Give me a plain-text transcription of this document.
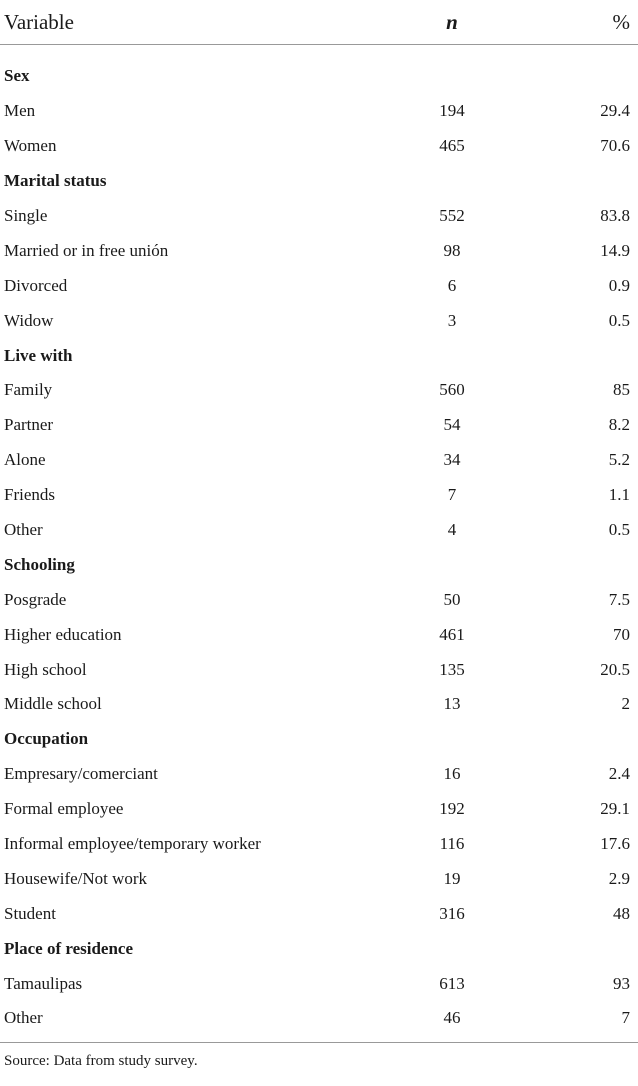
Variable	n	%

Sex		
Men	194	29.4
Women	465	70.6
Marital status		
Single	552	83.8
Married or in free unión	98	14.9
Divorced	6	0.9
Widow	3	0.5
Live with		
Family	560	85
Partner	54	8.2
Alone	34	5.2
Friends	7	1.1
Other	4	0.5
Schooling		
Posgrade	50	7.5
Higher education	461	70
High school	135	20.5
Middle school	13	2
Occupation		
Empresary/comerciant	16	2.4
Formal employee	192	29.1
Informal employee/temporary worker	116	17.6
Housewife/Not work	19	2.9
Student	316	48
Place of residence		
Tamaulipas	613	93
Other	46	7
Source: Data from study survey.
